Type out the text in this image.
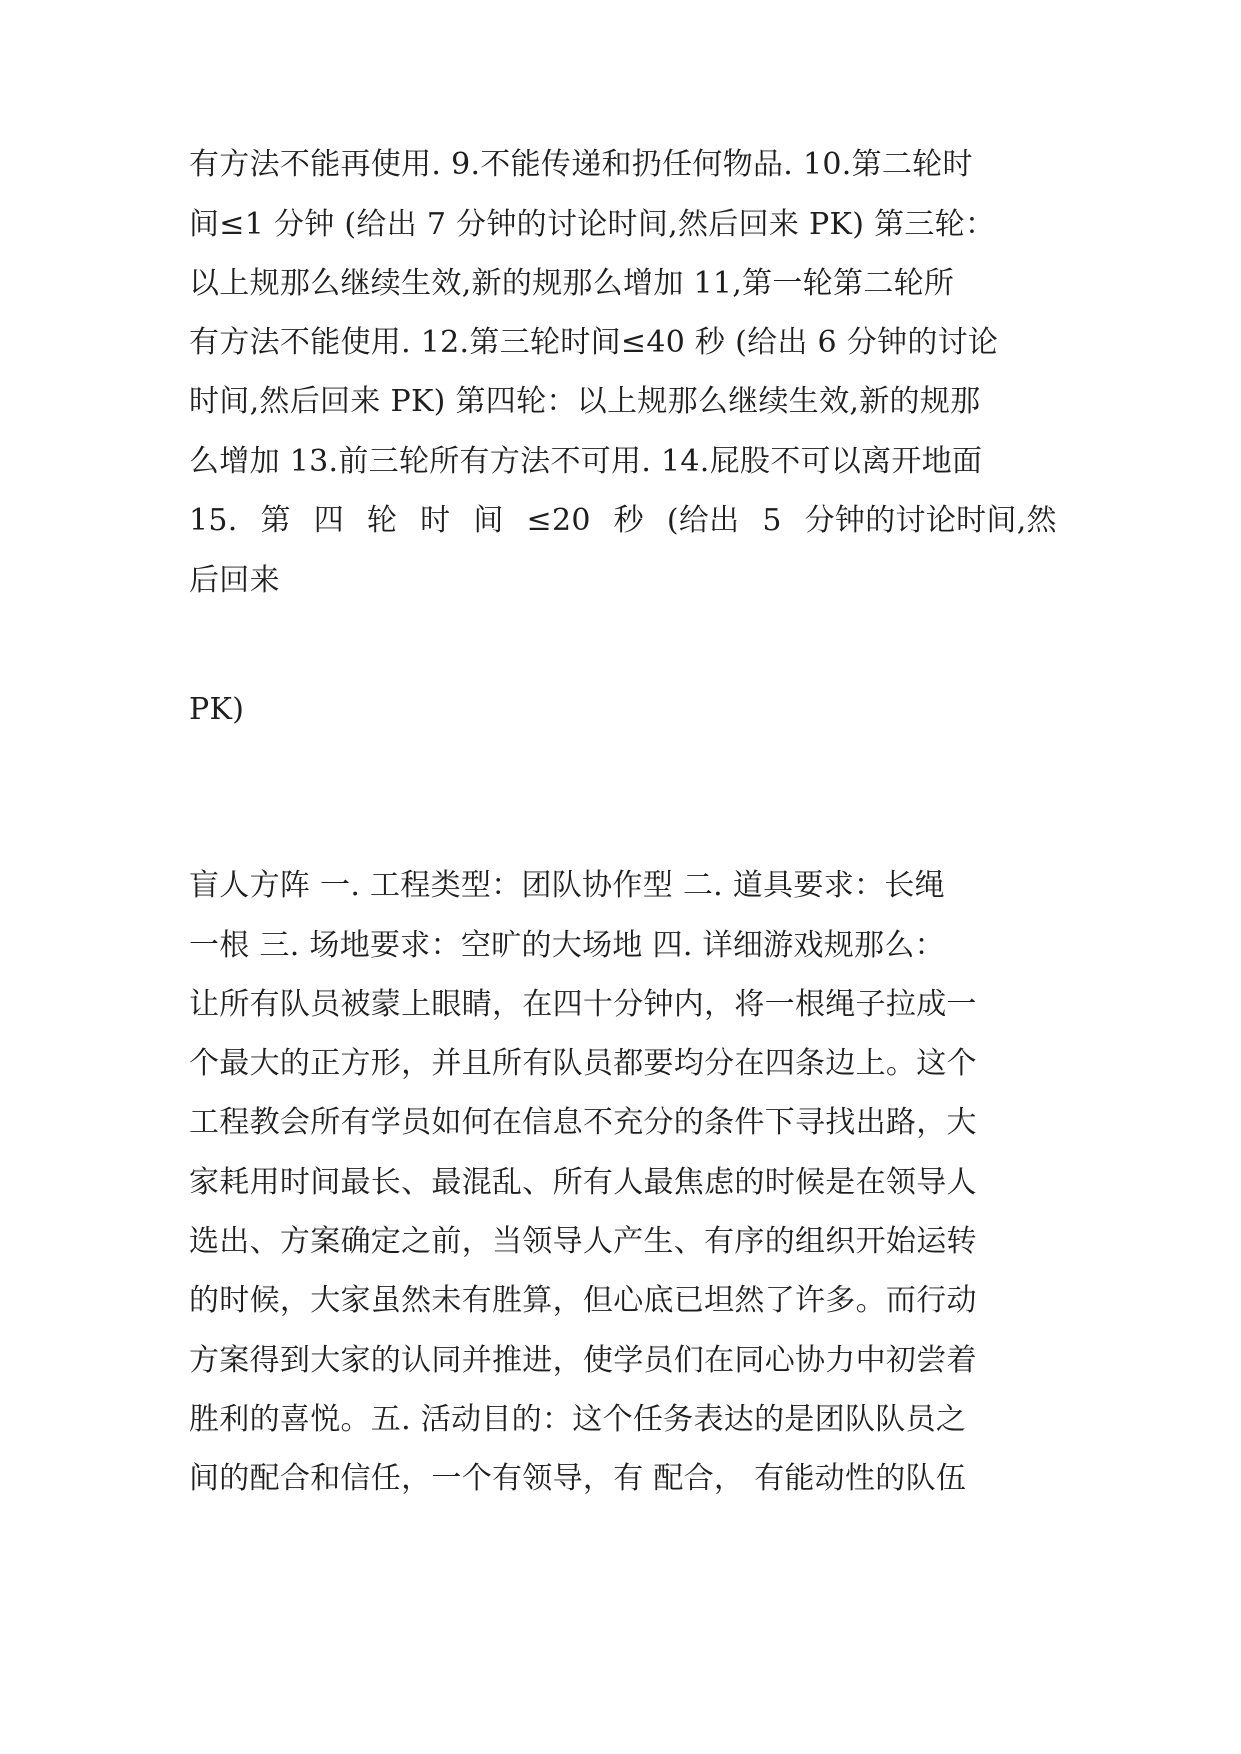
有方法不能再使用. 9.不能传递和扔任何物品. 10.第二轮时
间≤1 分钟 (给出 7 分钟的讨论时间,然后回来 PK) 第三轮：
以上规那么继续生效,新的规那么增加 11,第一轮第二轮所
有方法不能使用. 12.第三轮时间≤40 秒 (给出 6 分钟的讨论
时间,然后回来 PK) 第四轮：以上规那么继续生效,新的规那
么增加 13.前三轮所有方法不可用. 14.屁股不可以离开地面
15. 第 四 轮 时 间 ≤20 秒 (给出 5 分钟的讨论时间,然
后回来
PK)
盲人方阵 一. 工程类型：团队协作型 二. 道具要求：长绳
一根 三. 场地要求：空旷的大场地 四. 详细游戏规那么：
让所有队员被蒙上眼睛，在四十分钟内，将一根绳子拉成一
个最大的正方形，并且所有队员都要均分在四条边上。这个
工程教会所有学员如何在信息不充分的条件下寻找出路，大
家耗用时间最长、最混乱、所有人最焦虑的时候是在领导人
选出、方案确定之前，当领导人产生、有序的组织开始运转
的时候，大家虽然未有胜算，但心底已坦然了许多。而行动
方案得到大家的认同并推进，使学员们在同心协力中初尝着
胜利的喜悦。五. 活动目的：这个任务表达的是团队队员之
间的配合和信任，一个有领导，有 配合， 有能动性的队伍
